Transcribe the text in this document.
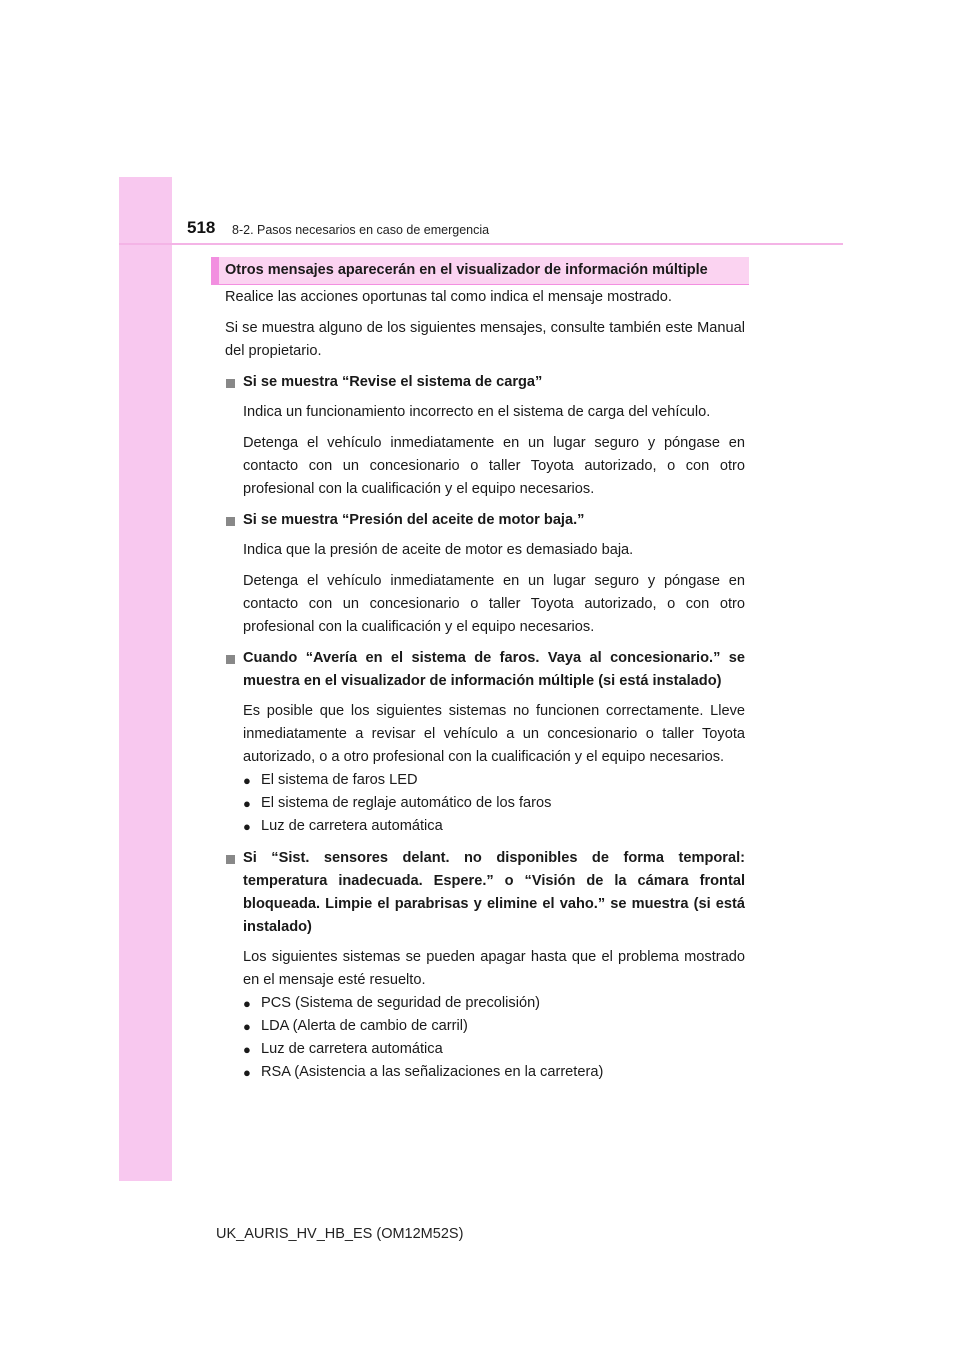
518 8-2. Pasos necesarios en caso de emergencia
Otros mensajes aparecerán en el visualizador de información múltiple

Realice las acciones oportunas tal como indica el mensaje mostrado.

Si se muestra alguno de los siguientes mensajes, consulte también este Manual del propietario.

Si se muestra “Revise el sistema de carga”

Indica un funcionamiento incorrecto en el sistema de carga del vehículo.

Detenga el vehículo inmediatamente en un lugar seguro y póngase en contacto con un concesionario o taller Toyota autorizado, o con otro profesional con la cualificación y el equipo necesarios.

Si se muestra “Presión del aceite de motor baja.”

Indica que la presión de aceite de motor es demasiado baja.

Detenga el vehículo inmediatamente en un lugar seguro y póngase en contacto con un concesionario o taller Toyota autorizado, o con otro profesional con la cualificación y el equipo necesarios.

Cuando “Avería en el sistema de faros. Vaya al concesionario.” se muestra en el visualizador de información múltiple (si está instalado)

Es posible que los siguientes sistemas no funcionen correctamente. Lleve inmediatamente a revisar el vehículo a un concesionario o taller Toyota autorizado, o a otro profesional con la cualificación y el equipo necesarios.

● El sistema de faros LED
● El sistema de reglaje automático de los faros
● Luz de carretera automática
Si “Sist. sensores delant. no disponibles de forma temporal: temperatura inadecuada. Espere.” o “Visión de la cámara frontal bloqueada. Limpie el parabrisas y elimine el vaho.” se muestra (si está instalado)

Los siguientes sistemas se pueden apagar hasta que el problema mostrado en el mensaje esté resuelto.

● PCS (Sistema de seguridad de precolisión)
● LDA (Alerta de cambio de carril)
● Luz de carretera automática
● RSA (Asistencia a las señalizaciones en la carretera)
UK_AURIS_HV_HB_ES (OM12M52S)
